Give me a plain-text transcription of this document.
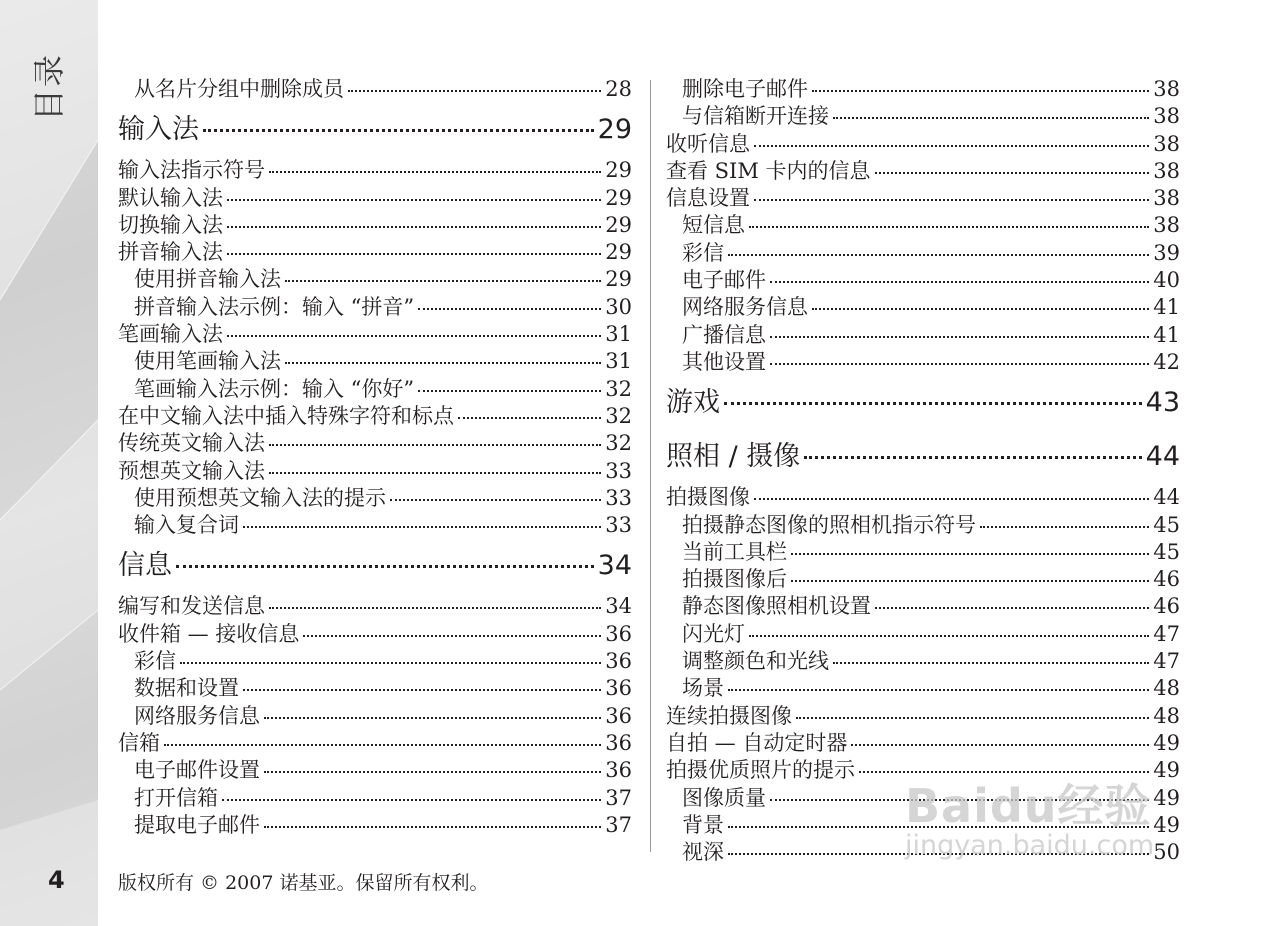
目录
4
从名片分组中删除成员	28
输入法	29
输入法指示符号	29
默认输入法	29
切换输入法	29
拼音输入法	29
使用拼音输入法	29
拼音输入法示例：输入 “拼音”	30
笔画输入法	31
使用笔画输入法	31
笔画输入法示例：输入 “你好”	32
在中文输入法中插入特殊字符和标点	32
传统英文输入法	32
预想英文输入法	33
使用预想英文输入法的提示	33
输入复合词	33
信息	34
编写和发送信息	34
收件箱 — 接收信息	36
彩信	36
数据和设置	36
网络服务信息	36
信箱	36
电子邮件设置	36
打开信箱	37
提取电子邮件	37
删除电子邮件	38
与信箱断开连接	38
收听信息	38
查看 SIM 卡内的信息	38
信息设置	38
短信息	38
彩信	39
电子邮件	40
网络服务信息	41
广播信息	41
其他设置	42
游戏	43
照相 / 摄像	44
拍摄图像	44
拍摄静态图像的照相机指示符号	45
当前工具栏	45
拍摄图像后	46
静态图像照相机设置	46
闪光灯	47
调整颜色和光线	47
场景	48
连续拍摄图像	48
自拍 — 自动定时器	49
拍摄优质照片的提示	49
图像质量	49
背景	49
视深	50
版权所有 © 2007 诺基亚。保留所有权利。
Baidu经验
jingyan.baidu.com
